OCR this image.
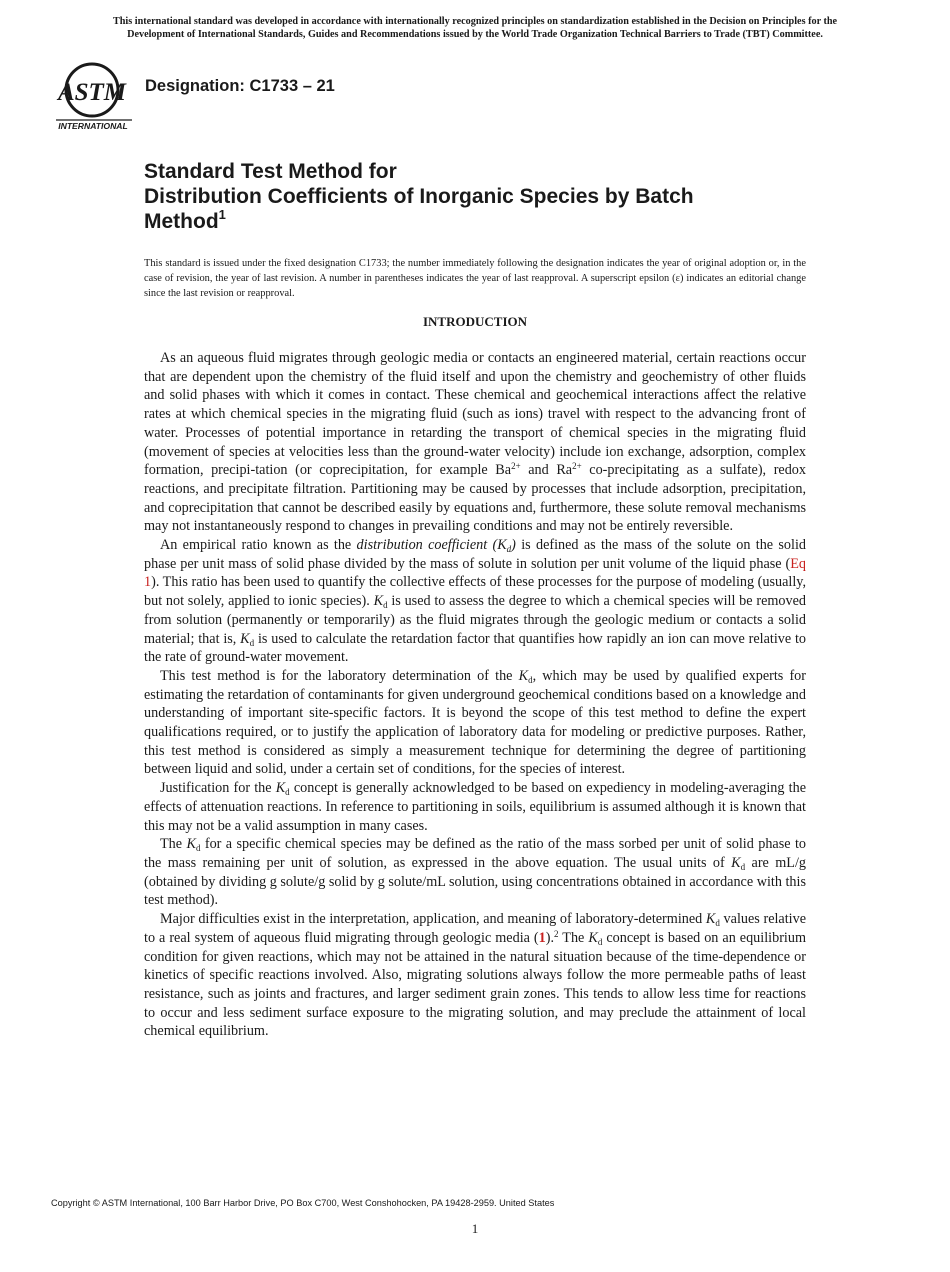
This international standard was developed in accordance with internationally recognized principles on standardization established in the Decision on Principles for the
Development of International Standards, Guides and Recommendations issued by the World Trade Organization Technical Barriers to Trade (TBT) Committee.
ASTM
INTERNATIONAL
Designation: C1733 – 21
Standard Test Method for
Distribution Coefficients of Inorganic Species by Batch
Method$^1$
This standard is issued under the fixed designation C1733; the number immediately following the designation indicates the year of original adoption or, in the case of revision, the year of last revision. A number in parentheses indicates the year of last reapproval. A superscript epsilon (ε) indicates an editorial change since the last revision or reapproval.
INTRODUCTION

As an aqueous fluid migrates through geologic media or contacts an engineered material, certain reactions occur that are dependent upon the chemistry of the fluid itself and upon the chemistry and geochemistry of other fluids and solid phases with which it comes in contact. These chemical and geochemical interactions affect the relative rates at which chemical species in the migrating fluid (such as ions) travel with respect to the advancing front of water. Processes of potential importance in retarding the transport of chemical species in the migrating fluid (movement of species at velocities less than the ground-water velocity) include ion exchange, adsorption, complex formation, precipi-tation (or coprecipitation, for example $Ba^{2+}$ and $Ra^{2+}$ co-precipitating as a sulfate), redox reactions, and precipitate filtration. Partitioning may be caused by processes that include adsorption, precipitation, and coprecipitation that cannot be described easily by equations and, furthermore, these solute removal mechanisms may not instantaneously respond to changes in prevailing conditions and may not be entirely reversible.

An empirical ratio known as the distribution coefficient $(K_d)$ is defined as the mass of the solute on the solid phase per unit mass of solid phase divided by the mass of solute in solution per unit volume of the liquid phase (Eq 1). This ratio has been used to quantify the collective effects of these processes for the purpose of modeling (usually, but not solely, applied to ionic species). $K_d$ is used to assess the degree to which a chemical species will be removed from solution (permanently or temporarily) as the fluid migrates through the geologic medium or contacts a solid material; that is, $K_d$ is used to calculate the retardation factor that quantifies how rapidly an ion can move relative to the rate of ground-water movement.

This test method is for the laboratory determination of the $K_d$, which may be used by qualified experts for estimating the retardation of contaminants for given underground geochemical conditions based on a knowledge and understanding of important site-specific factors. It is beyond the scope of this test method to define the expert qualifications required, or to justify the application of laboratory data for modeling or predictive purposes. Rather, this test method is considered as simply a measurement technique for determining the degree of partitioning between liquid and solid, under a certain set of conditions, for the species of interest.

Justification for the $K_d$ concept is generally acknowledged to be based on expediency in modeling-averaging the effects of attenuation reactions. In reference to partitioning in soils, equilibrium is assumed although it is known that this may not be a valid assumption in many cases.

The $K_d$ for a specific chemical species may be defined as the ratio of the mass sorbed per unit of solid phase to the mass remaining per unit of solution, as expressed in the above equation. The usual units of $K_d$ are mL/g (obtained by dividing g solute/g solid by g solute/mL solution, using concentrations obtained in accordance with this test method).

Major difficulties exist in the interpretation, application, and meaning of laboratory-determined $K_d$ values relative to a real system of aqueous fluid migrating through geologic media (1).$^2$ The $K_d$ concept is based on an equilibrium condition for given reactions, which may not be attained in the natural situation because of the time-dependence or kinetics of specific reactions involved. Also, migrating solutions always follow the more permeable paths of least resistance, such as joints and fractures, and larger sediment grain zones. This tends to allow less time for reactions to occur and less sediment surface exposure to the migrating solution, and may preclude the attainment of local chemical equilibrium.

Copyright © ASTM International, 100 Barr Harbor Drive, PO Box C700, West Conshohocken, PA 19428-2959. United States
1
